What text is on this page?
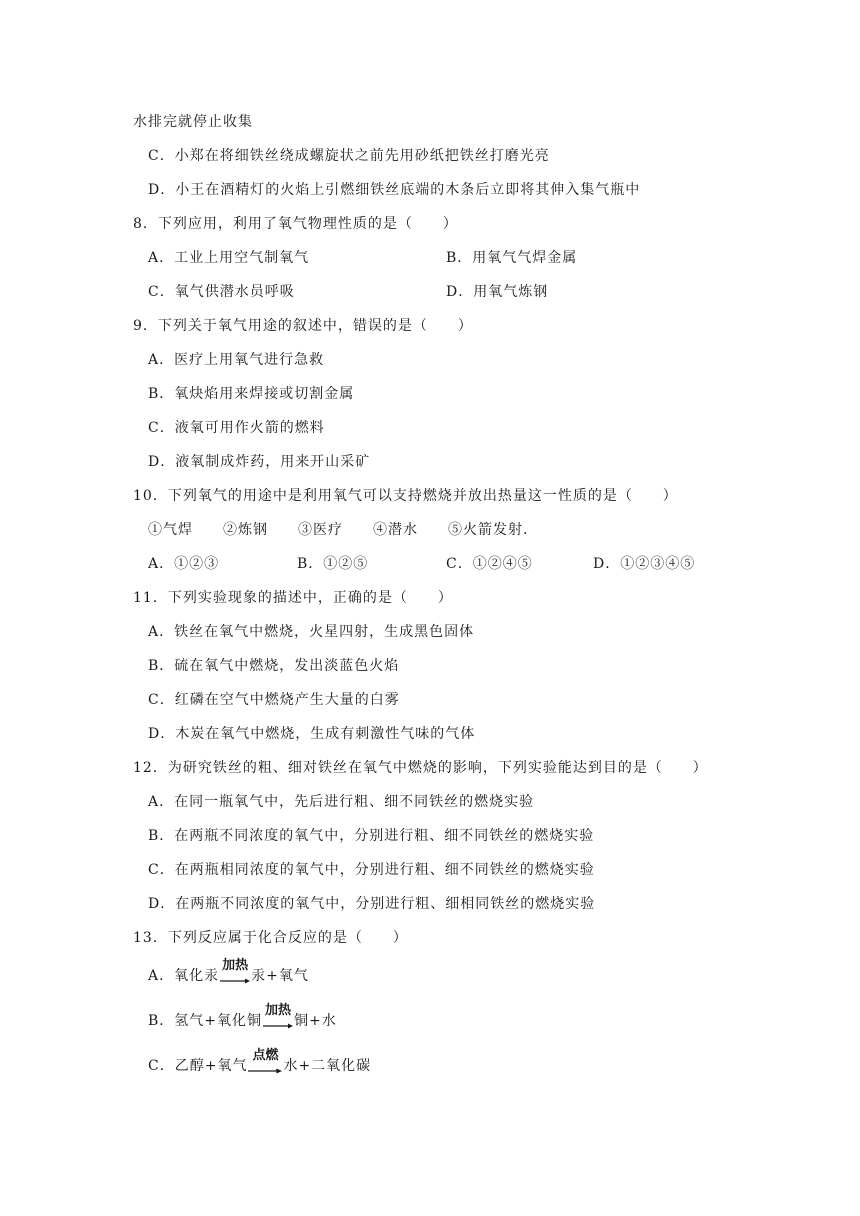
水排完就停止收集
C．小郑在将细铁丝绕成螺旋状之前先用砂纸把铁丝打磨光亮
D．小王在酒精灯的火焰上引燃细铁丝底端的木条后立即将其伸入集气瓶中
8．下列应用，利用了氧气物理性质的是（　　）
A．工业上用空气制氧气	B．用氧气气焊金属
C．氧气供潜水员呼吸	D．用氧气炼钢
9．下列关于氧气用途的叙述中，错误的是（　　）
A．医疗上用氧气进行急救
B．氧炔焰用来焊接或切割金属
C．液氧可用作火箭的燃料
D．液氧制成炸药，用来开山采矿
10．下列氧气的用途中是利用氧气可以支持燃烧并放出热量这一性质的是（　　）
①气焊　　②炼钢　　③医疗　　④潜水　　⑤火箭发射.
A．①②③	B．①②⑤	C．①②④⑤	D．①②③④⑤
11．下列实验现象的描述中，正确的是（　　）
A．铁丝在氧气中燃烧，火星四射，生成黑色固体
B．硫在氧气中燃烧，发出淡蓝色火焰
C．红磷在空气中燃烧产生大量的白雾
D．木炭在氧气中燃烧，生成有刺激性气味的气体
12．为研究铁丝的粗、细对铁丝在氧气中燃烧的影响，下列实验能达到目的是（　　）
A．在同一瓶氧气中，先后进行粗、细不同铁丝的燃烧实验
B．在两瓶不同浓度的氧气中，分别进行粗、细不同铁丝的燃烧实验
C．在两瓶相同浓度的氧气中，分别进行粗、细不同铁丝的燃烧实验
D．在两瓶不同浓度的氧气中，分别进行粗、细相同铁丝的燃烧实验
13．下列反应属于化合反应的是（　　）
A．氧化汞
加热
汞+氧气
B．氢气+氧化铜
加热
铜+水
C．乙醇+氧气
点燃
水+二氧化碳
